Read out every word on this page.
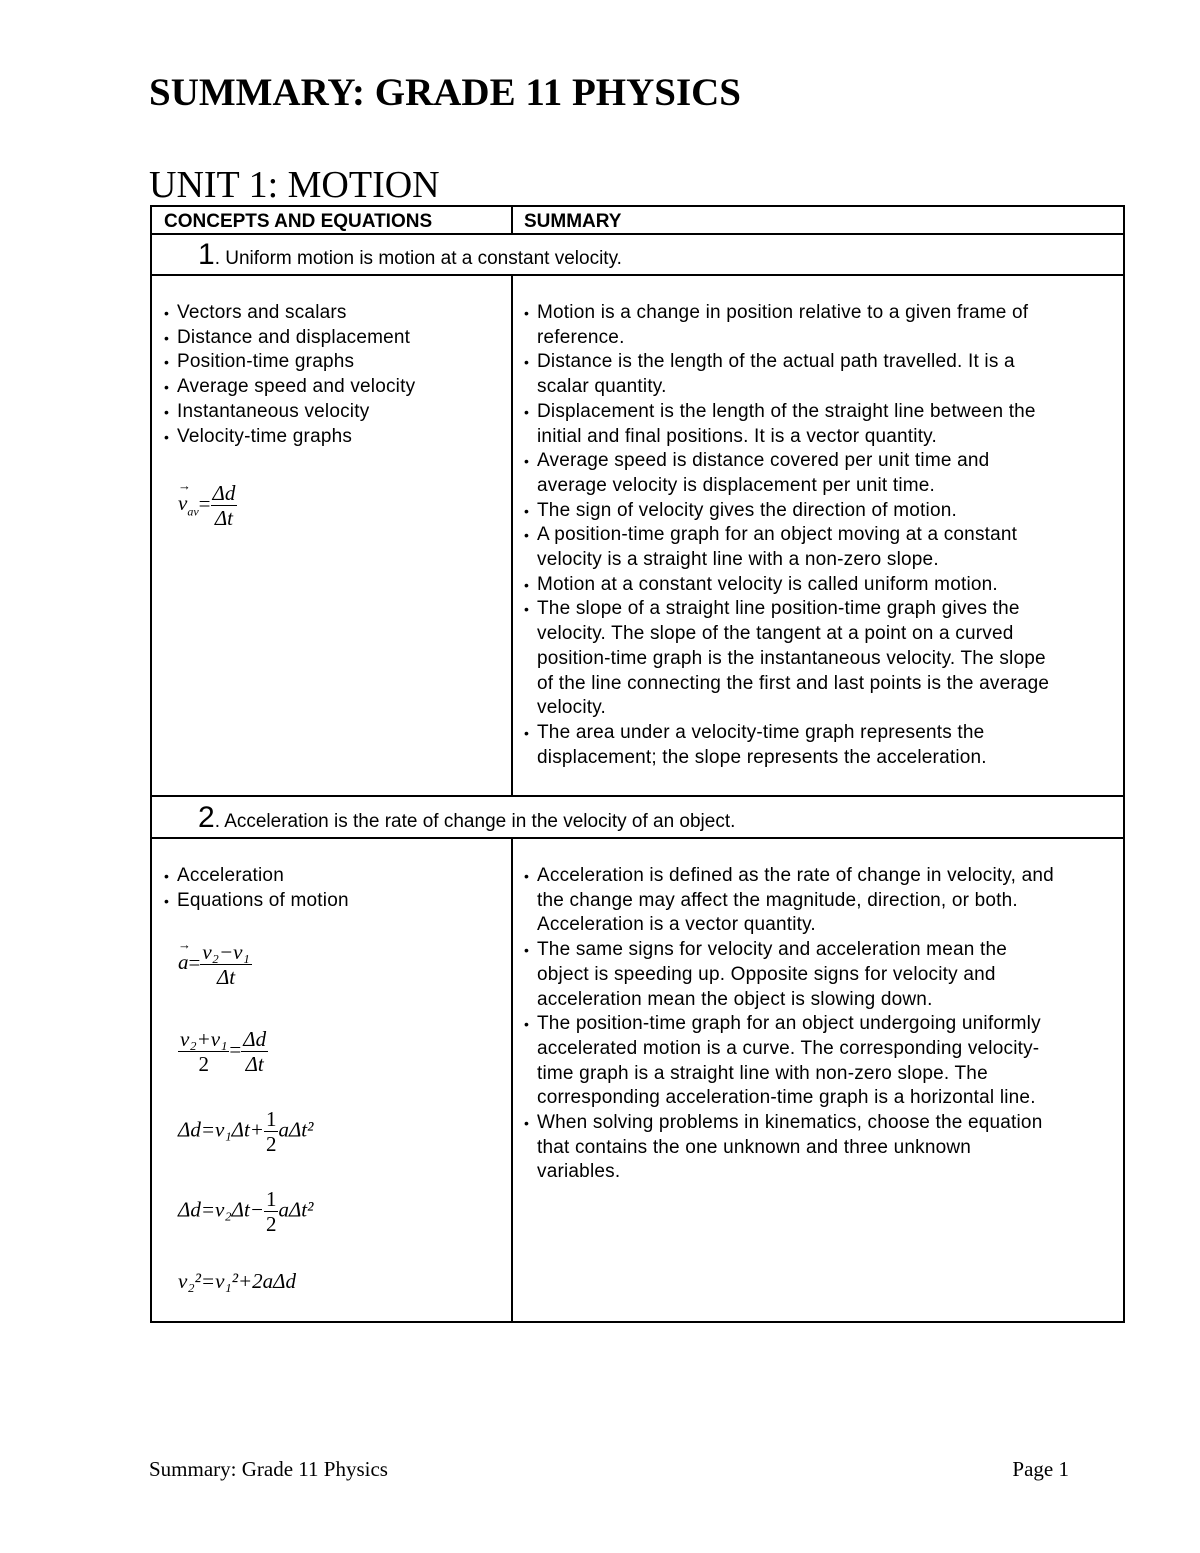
SUMMARY: GRADE 11 PHYSICS
UNIT 1: MOTION
CONCEPTS AND EQUATIONS	SUMMARY
1. Uniform motion is motion at a constant velocity.
• Vectors and scalars
• Distance and displacement
• Position-time graphs
• Average speed and velocity
• Instantaneous velocity
• Velocity-time graphs
→ $v_{av}= \frac{\Delta d}{\Delta t}$
• Motion is a change in position relative to a given frame of
reference.
• Distance is the length of the actual path travelled. It is a
scalar quantity.
• Displacement is the length of the straight line between the
initial and final positions. It is a vector quantity.
• Average speed is distance covered per unit time and
average velocity is displacement per unit time.
• The sign of velocity gives the direction of motion.
• A position-time graph for an object moving at a constant
velocity is a straight line with a non-zero slope.
• Motion at a constant velocity is called uniform motion.
• The slope of a straight line position-time graph gives the
velocity. The slope of the tangent at a point on a curved
position-time graph is the instantaneous velocity. The slope
of the line connecting the first and last points is the average
velocity.
• The area under a velocity-time graph represents the
displacement; the slope represents the acceleration.
2. Acceleration is the rate of change in the velocity of an object.
• Acceleration
• Equations of motion
→ $a= \frac{\text{v₂−v₁}}{\Delta t}$
$\frac{\text{v₂+v₁}}{2} = \frac{\Delta d}{\Delta t}$
$\Delta d=v_1\Delta t+ \frac{1}{2} a\Delta t^2$
$\Delta d=v_2\Delta t- \frac{1}{2} a\Delta t^2$
v₂²=v₁²+2aΔd
• Acceleration is defined as the rate of change in velocity, and
the change may affect the magnitude, direction, or both.
Acceleration is a vector quantity.
• The same signs for velocity and acceleration mean the
object is speeding up. Opposite signs for velocity and
acceleration mean the object is slowing down.
• The position-time graph for an object undergoing uniformly
accelerated motion is a curve. The corresponding velocity-
time graph is a straight line with non-zero slope. The
corresponding acceleration-time graph is a horizontal line.
• When solving problems in kinematics, choose the equation
that contains the one unknown and three unknown
variables.
Summary: Grade 11 Physics	Page 1
